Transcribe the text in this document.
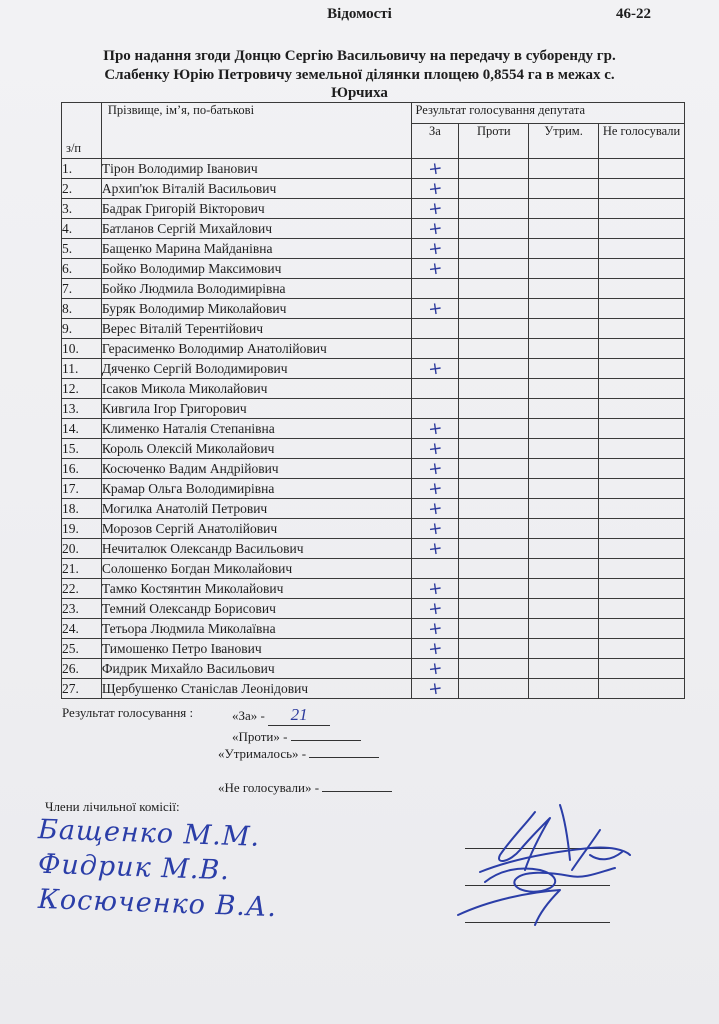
Відомості	46-22
Про надання згоди Донцю Сергію Васильовичу на передачу в суборенду гр.
Слабенку Юрію Петровичу земельної ділянки площею 0,8554 га в межах с.
Юрчиха
з/п	Прізвище, ім’я, по-батькові	Результат голосування депутата			
		За	Проти	Утрим.	Не голосували
1.	Тірон Володимир Іванович	+			

2.	Архип'юк Віталій Васильович	+			

3.	Бадрак Григорій Вікторович	+			

4.	Батланов Сергій Михайлович	+			

5.	Бащенко Марина Майданівна	+			

6.	Бойко Володимир Максимович	+			

7.	Бойко Людмила Володимирівна	

8.	Буряк Володимир Миколайович	+			

9.	Верес Віталій Терентійович	

10.	Герасименко Володимир Анатолійович	

11.	Дяченко Сергій Володимирович	+			

12.	Ісаков Микола Миколайович	

13.	Кивгила Ігор Григорович	

14.	Клименко Наталія Степанівна	+			

15.	Король Олексій Миколайович	+			

16.	Косюченко Вадим Андрійович	+			

17.	Крамар Ольга Володимирівна	+			

18.	Могилка Анатолій Петрович	+			

19.	Морозов Сергій Анатолійович	+			

20.	Нечиталюк Олександр Васильович	+			

21.	Солошенко Богдан Миколайович	

22.	Тамко Костянтин Миколайович	+			

23.	Темний Олександр Борисович	+			

24.	Тетьора Людмила Миколаївна	+			

25.	Тимошенко Петро Іванович	+			

26.	Фидрик Михайло Васильович	+			

27.	Щербушенко Станіслав Леонідович	+			

Результат голосування :	«За» - 21
«Проти» -
«Утрималось» -
«Не голосували» -
Члени лічильної комісії:
Бащенко М.М.
Фидрик М.В.
Косюченко В.А.
